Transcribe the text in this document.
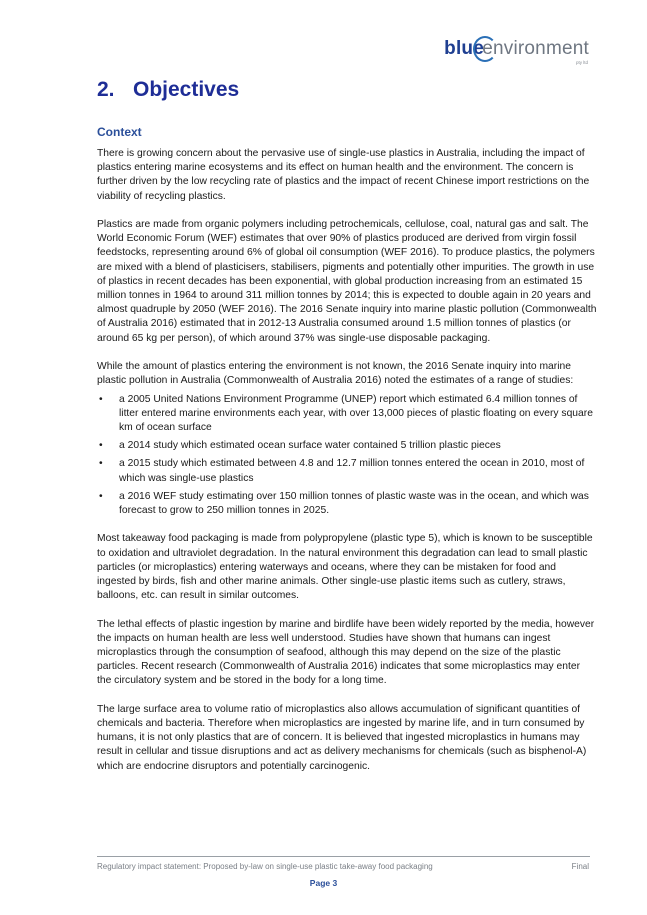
blue
environment
pty ltd
2. Objectives
Context

There is growing concern about the pervasive use of single-use plastics in Australia, including the impact of plastics entering marine ecosystems and its effect on human health and the environment. The concern is further driven by the low recycling rate of plastics and the impact of recent Chinese import restrictions on the viability of recycling plastics.

Plastics are made from organic polymers including petrochemicals, cellulose, coal, natural gas and salt. The World Economic Forum (WEF) estimates that over 90% of plastics produced are derived from virgin fossil feedstocks, representing around 6% of global oil consumption (WEF 2016). To produce plastics, the polymers are mixed with a blend of plasticisers, stabilisers, pigments and potentially other impurities. The growth in use of plastics in recent decades has been exponential, with global production increasing from an estimated 15 million tonnes in 1964 to around 311 million tonnes by 2014; this is expected to double again in 20 years and almost quadruple by 2050 (WEF 2016). The 2016 Senate inquiry into marine plastic pollution (Commonwealth of Australia 2016) estimated that in 2012-13 Australia consumed around 1.5 million tonnes of plastics (or around 65 kg per person), of which around 37% was single-use disposable packaging.

While the amount of plastics entering the environment is not known, the 2016 Senate inquiry into marine plastic pollution in Australia (Commonwealth of Australia 2016) noted the estimates of a range of studies:

• a 2005 United Nations Environment Programme (UNEP) report which estimated 6.4 million tonnes of litter entered marine environments each year, with over 13,000 pieces of plastic floating on every square km of ocean surface
• a 2014 study which estimated ocean surface water contained 5 trillion plastic pieces
• a 2015 study which estimated between 4.8 and 12.7 million tonnes entered the ocean in 2010, most of which was single-use plastics
• a 2016 WEF study estimating over 150 million tonnes of plastic waste was in the ocean, and which was forecast to grow to 250 million tonnes in 2025.

Most takeaway food packaging is made from polypropylene (plastic type 5), which is known to be susceptible to oxidation and ultraviolet degradation. In the natural environment this degradation can lead to small plastic particles (or microplastics) entering waterways and oceans, where they can be mistaken for food and ingested by birds, fish and other marine animals. Other single-use plastic items such as cutlery, straws, balloons, etc. can result in similar outcomes.

The lethal effects of plastic ingestion by marine and birdlife have been widely reported by the media, however the impacts on human health are less well understood. Studies have shown that humans can ingest microplastics through the consumption of seafood, although this may depend on the size of the plastic particles. Recent research (Commonwealth of Australia 2016) indicates that some microplastics may enter the circulatory system and be stored in the body for a long time.

The large surface area to volume ratio of microplastics also allows accumulation of significant quantities of chemicals and bacteria. Therefore when microplastics are ingested by marine life, and in turn consumed by humans, it is not only plastics that are of concern. It is believed that ingested microplastics in humans may result in cellular and tissue disruptions and act as delivery mechanisms for chemicals (such as bisphenol-A) which are endocrine disruptors and potentially carcinogenic.

Regulatory impact statement: Proposed by-law on single-use plastic take-away food packaging	Final
Page 3
